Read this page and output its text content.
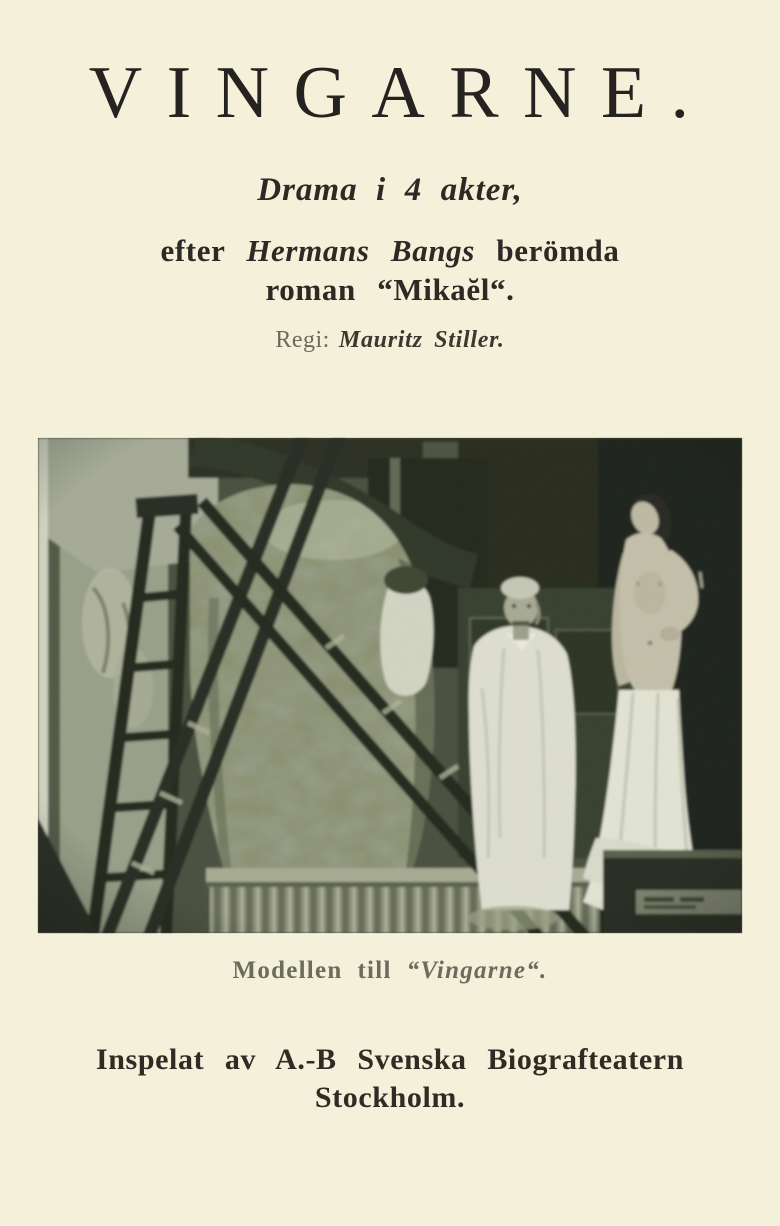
VINGARNE.

Drama i 4 akter,

efter Hermans Bangs berömda

roman “Mikaĕl“.

Regi: Mauritz Stiller.

Modellen till “Vingarne“.

Inspelat av A.-B Svenska Biografteatern
Stockholm.
